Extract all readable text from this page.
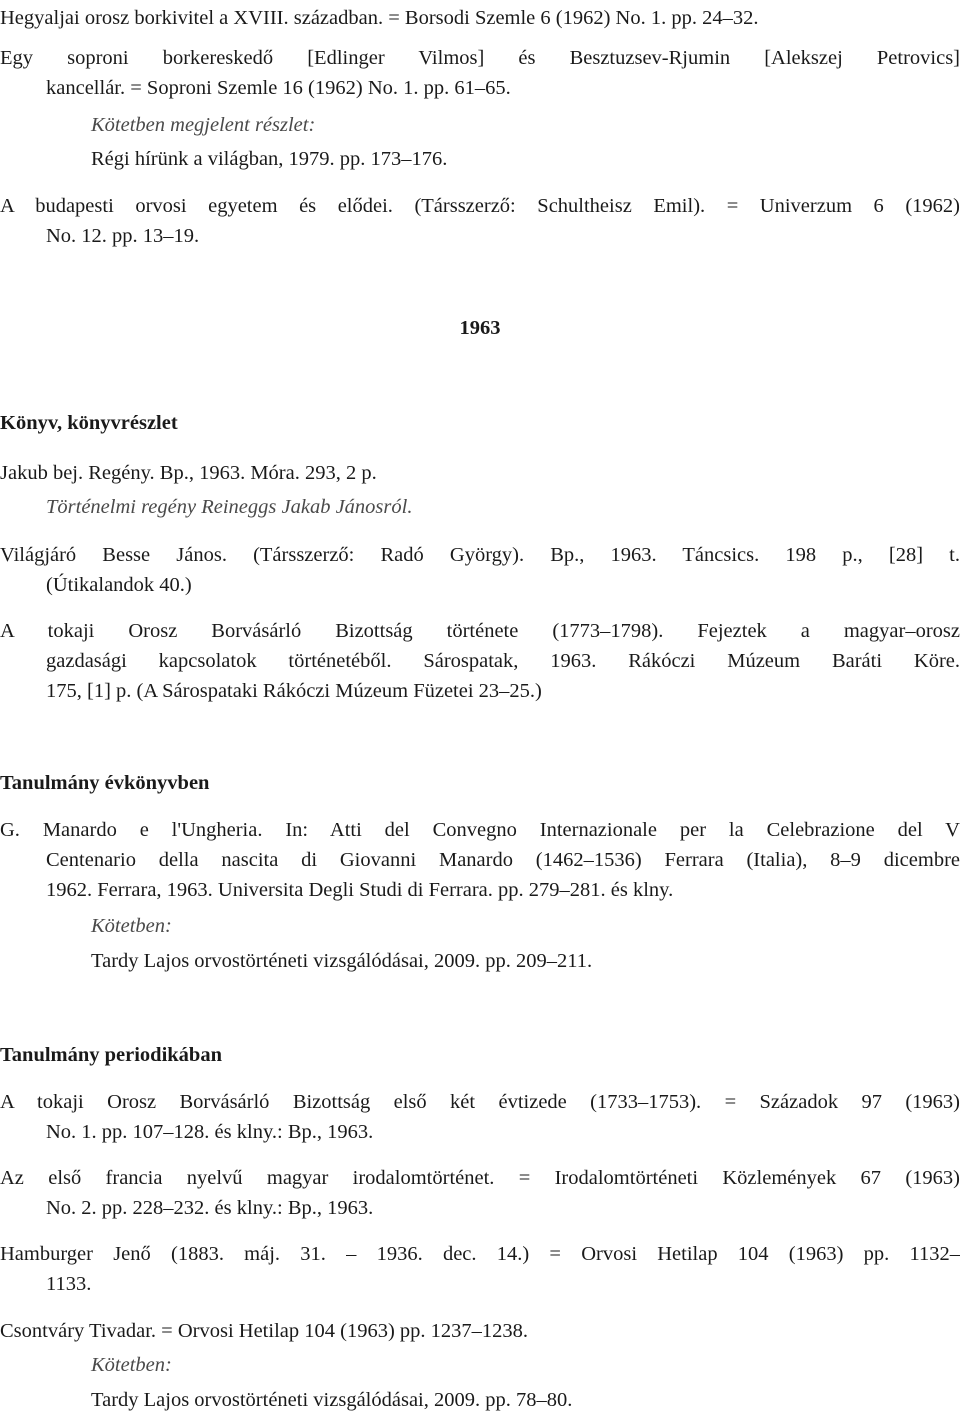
Hegyaljai orosz borkivitel a XVIII. században. = Borsodi Szemle 6 (1962) No. 1. pp. 24–32.

Egy soproni borkereskedő [Edlinger Vilmos] és Besztuzsev-Rjumin [Alekszej Petrovics]

kancellár. = Soproni Szemle 16 (1962) No. 1. pp. 61–65.

Kötetben megjelent részlet:

Régi hírünk a világban, 1979. pp. 173–176.

A budapesti orvosi egyetem és elődei. (Társszerző: Schultheisz Emil). = Univerzum 6 (1962)

No. 12. pp. 13–19.

1963

Könyv, könyvrészlet

Jakub bej. Regény. Bp., 1963. Móra. 293, 2 p.

Történelmi regény Reineggs Jakab Jánosról.

Világjáró Besse János. (Társszerző: Radó György). Bp., 1963. Táncsics. 198 p., [28] t.

(Útikalandok 40.)

A tokaji Orosz Borvásárló Bizottság története (1773–1798). Fejeztek a magyar–orosz

gazdasági kapcsolatok történetéből. Sárospatak, 1963. Rákóczi Múzeum Baráti Köre.

175, [1] p. (A Sárospataki Rákóczi Múzeum Füzetei 23–25.)

Tanulmány évkönyvben

G. Manardo e l'Ungheria. In: Atti del Convegno Internazionale per la Celebrazione del V

Centenario della nascita di Giovanni Manardo (1462–1536) Ferrara (Italia), 8–9 dicembre

1962. Ferrara, 1963. Universita Degli Studi di Ferrara. pp. 279–281. és klny.

Kötetben:

Tardy Lajos orvostörténeti vizsgálódásai, 2009. pp. 209–211.

Tanulmány periodikában

A tokaji Orosz Borvásárló Bizottság első két évtizede (1733–1753). = Századok 97 (1963)

No. 1. pp. 107–128. és klny.: Bp., 1963.

Az első francia nyelvű magyar irodalomtörténet. = Irodalomtörténeti Közlemények 67 (1963)

No. 2. pp. 228–232. és klny.: Bp., 1963.

Hamburger Jenő (1883. máj. 31. – 1936. dec. 14.) = Orvosi Hetilap 104 (1963) pp. 1132–

1133.

Csontváry Tivadar. = Orvosi Hetilap 104 (1963) pp. 1237–1238.

Kötetben:

Tardy Lajos orvostörténeti vizsgálódásai, 2009. pp. 78–80.
